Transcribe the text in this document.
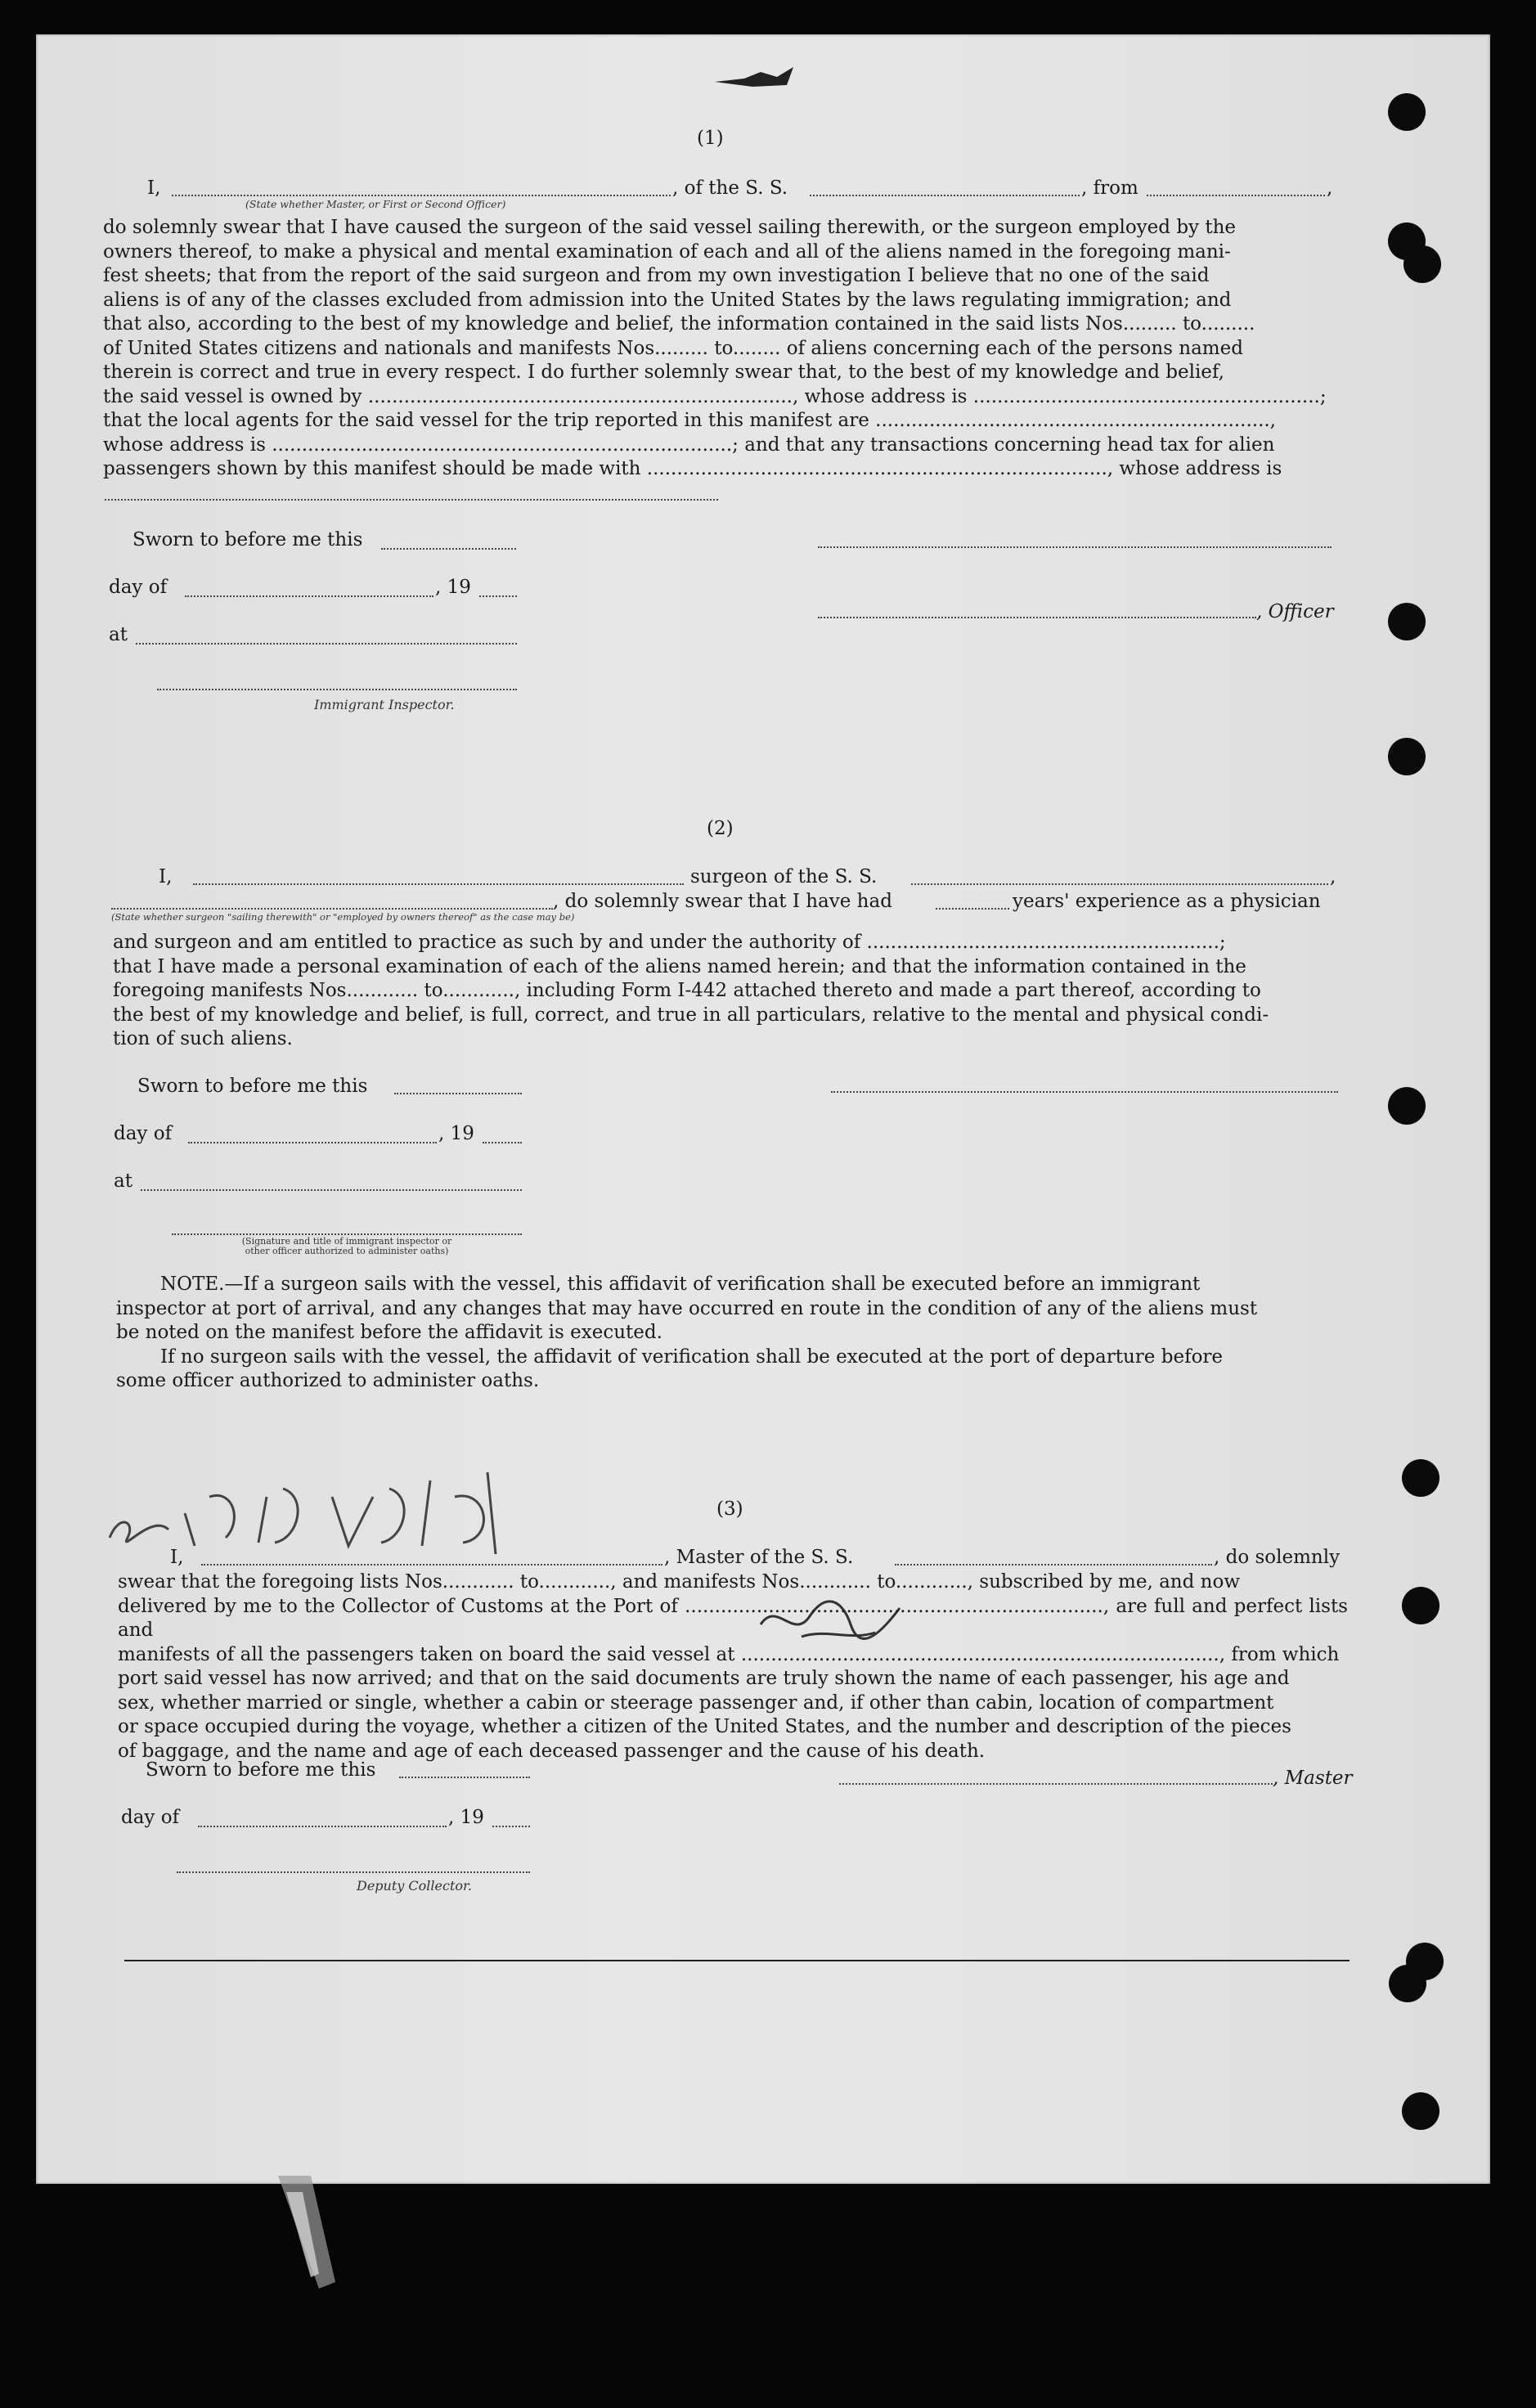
(1)
I,	, of the S. S.	, from	,
(State whether Master, or First or Second Officer)
do solemnly swear that I have caused the surgeon of the said vessel sailing therewith, or the surgeon employed by the
owners thereof, to make a physical and mental examination of each and all of the aliens named in the foregoing mani-
fest sheets; that from the report of the said surgeon and from my own investigation I believe that no one of the said
aliens is of any of the classes excluded from admission into the United States by the laws regulating immigration; and
that also, according to the best of my knowledge and belief, the information contained in the said lists Nos......... to.........
of United States citizens and nationals and manifests Nos......... to........ of aliens concerning each of the persons named
therein is correct and true in every respect. I do further solemnly swear that, to the best of my knowledge and belief,
the said vessel is owned by ......................................................................., whose address is ..........................................................;
that the local agents for the said vessel for the trip reported in this manifest are ..................................................................,
whose address is .............................................................................; and that any transactions concerning head tax for alien
passengers shown by this manifest should be made with ............................................................................., whose address is
Sworn to before me this
day of	, 19
at
, Officer
Immigrant Inspector.
(2)
I,	surgeon of the S. S.	,
, do solemnly swear that I have had	years' experience as a physician
(State whether surgeon "sailing therewith" or "employed by owners thereof" as the case may be)
and surgeon and am entitled to practice as such by and under the authority of ...........................................................;
that I have made a personal examination of each of the aliens named herein; and that the information contained in the
foregoing manifests Nos............ to............, including Form I-442 attached thereto and made a part thereof, according to
the best of my knowledge and belief, is full, correct, and true in all particulars, relative to the mental and physical condi-
tion of such aliens.
Sworn to before me this
day of	, 19
at
(Signature and title of immigrant inspector or
other officer authorized to administer oaths)
NOTE.—If a surgeon sails with the vessel, this affidavit of verification shall be executed before an immigrant
inspector at port of arrival, and any changes that may have occurred en route in the condition of any of the aliens must
be noted on the manifest before the affidavit is executed.
If no surgeon sails with the vessel, the affidavit of verification shall be executed at the port of departure before
some officer authorized to administer oaths.
(3)
I,	, Master of the S. S.	, do solemnly
swear that the foregoing lists Nos............ to............, and manifests Nos............ to............, subscribed by me, and now
delivered by me to the Collector of Customs at the Port of ......................................................................, are full and perfect lists and
manifests of all the passengers taken on board the said vessel at ................................................................................, from which
port said vessel has now arrived; and that on the said documents are truly shown the name of each passenger, his age and
sex, whether married or single, whether a cabin or steerage passenger and, if other than cabin, location of compartment
or space occupied during the voyage, whether a citizen of the United States, and the number and description of the pieces
of baggage, and the name and age of each deceased passenger and the cause of his death.
Sworn to before me this	, Master
day of	, 19
Deputy Collector.
